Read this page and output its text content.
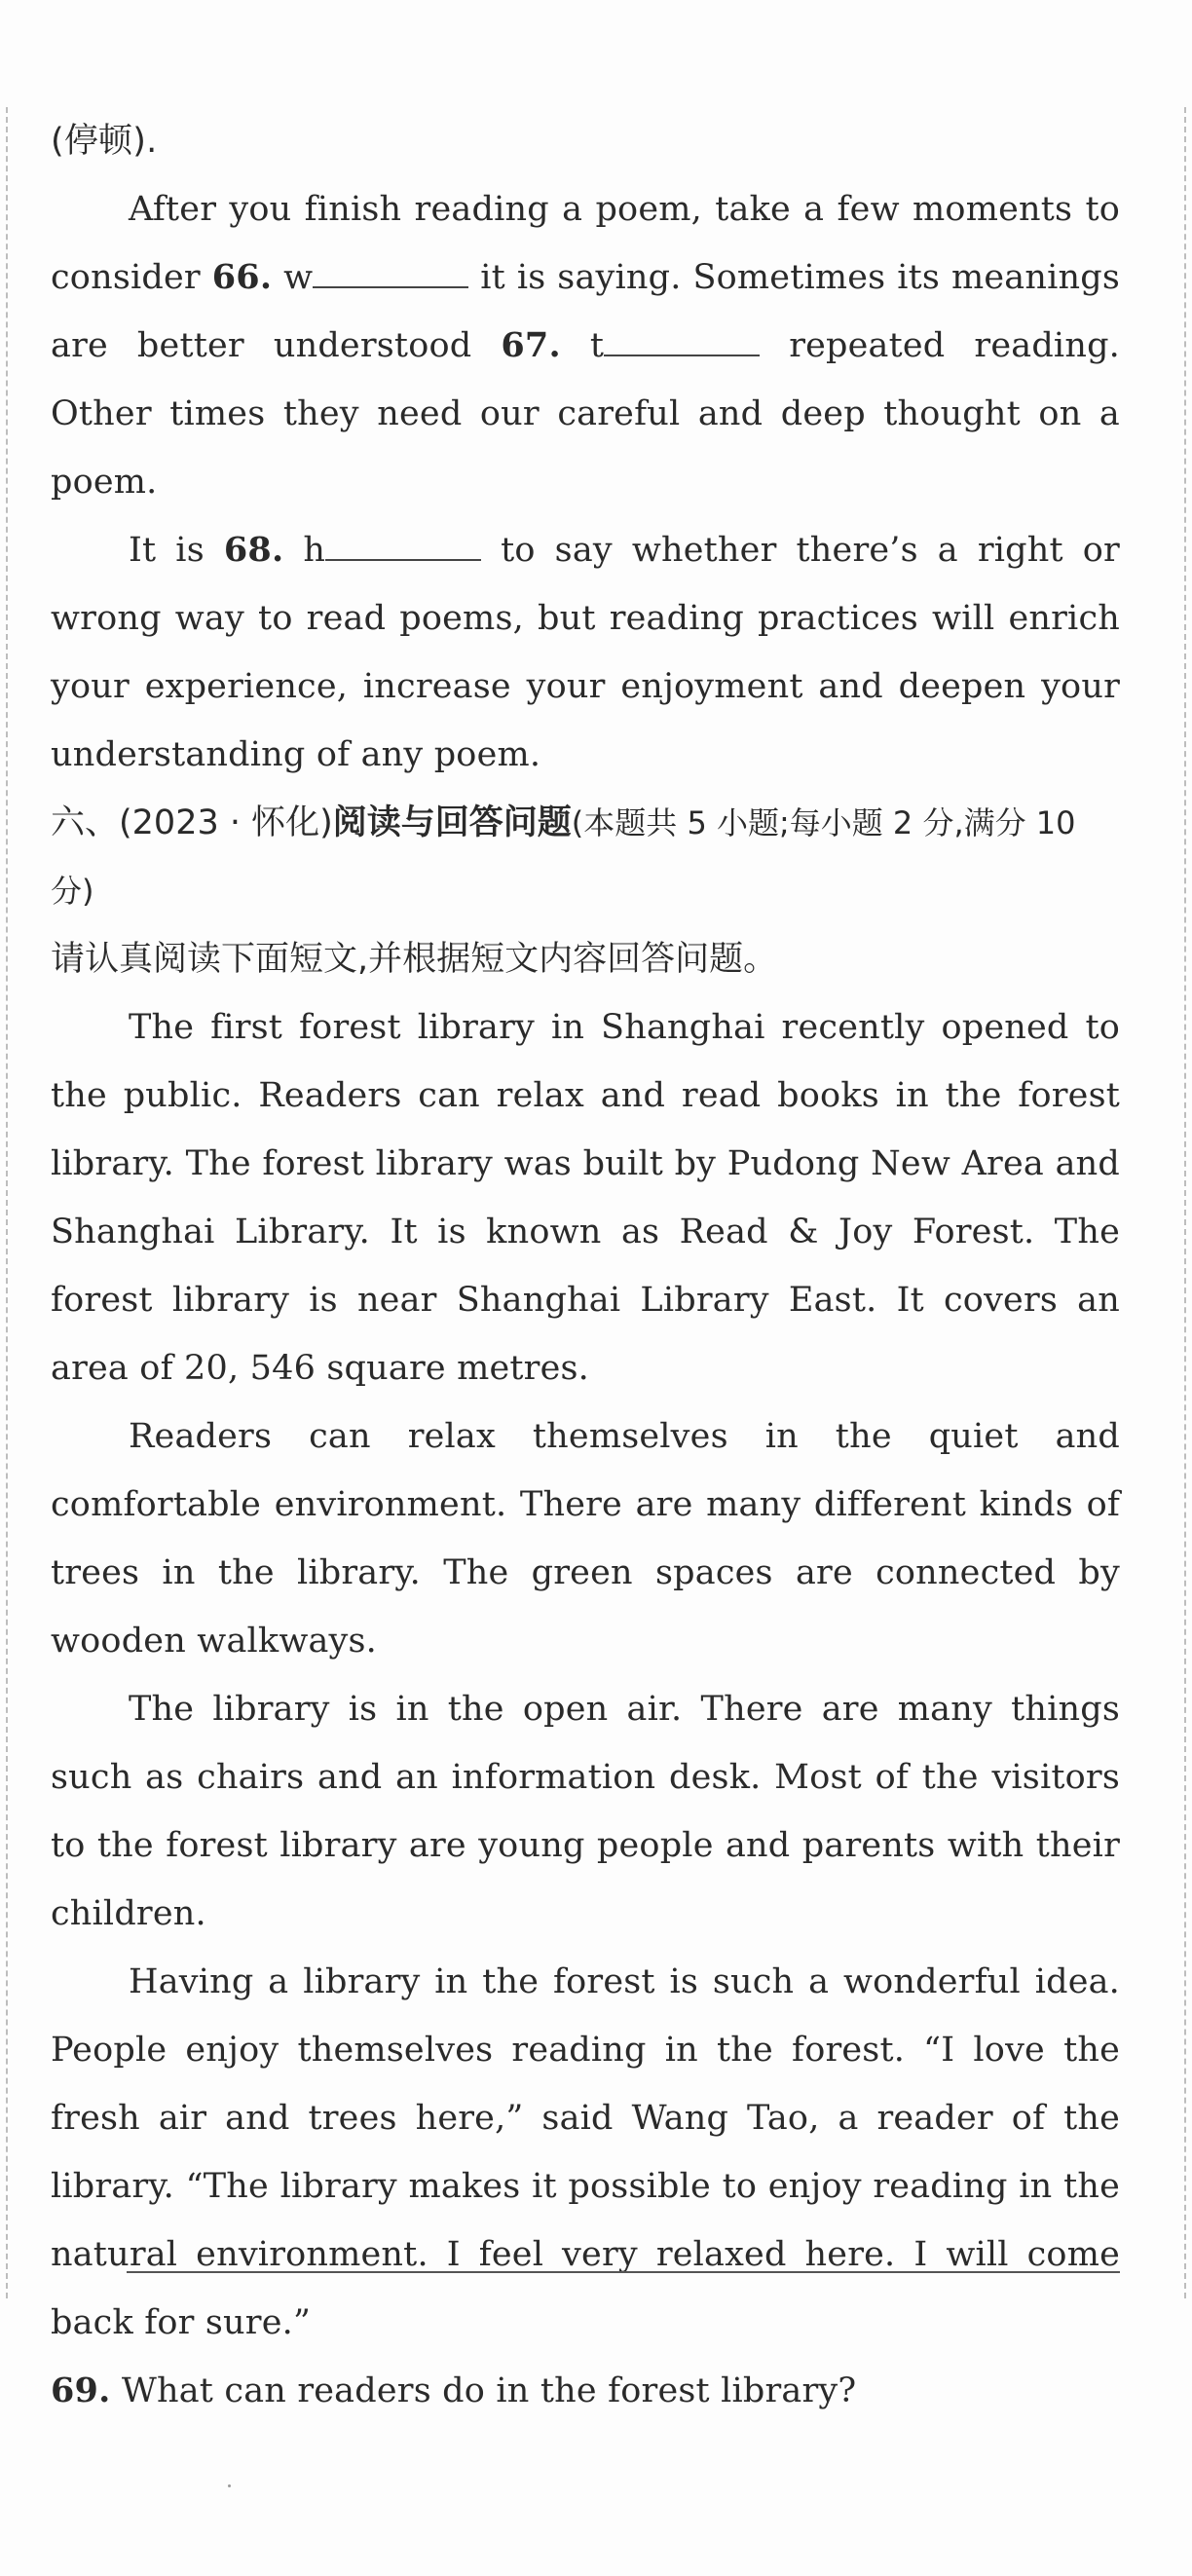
(停顿).

After you finish reading a poem, take a few moments to consider 66. w	it is saying. Sometimes its meanings are better understood 67. t	repeated reading. Other times they need our careful and deep thought on a poem.

It is 68. h	to say whether there’s a right or wrong way to read poems, but reading practices will enrich your experience, increase your enjoyment and deepen your understanding of any poem.

六、(2023 · 怀化)阅读与回答问题(本题共 5 小题;每小题 2 分,满分 10 分)

请认真阅读下面短文,并根据短文内容回答问题。

The first forest library in Shanghai recently opened to the public. Readers can relax and read books in the forest library. The forest library was built by Pudong New Area and Shanghai Library. It is known as Read & Joy Forest. The forest library is near Shanghai Library East. It covers an area of 20, 546 square metres.

Readers can relax themselves in the quiet and comfortable environment. There are many different kinds of trees in the library. The green spaces are connected by wooden walkways.

The library is in the open air. There are many things such as chairs and an information desk. Most of the visitors to the forest library are young people and parents with their children.

Having a library in the forest is such a wonderful idea. People enjoy themselves reading in the forest. “I love the fresh air and trees here,” said Wang Tao, a reader of the library. “The library makes it possible to enjoy reading in the natural environment. I feel very relaxed here. I will come back for sure.”

69. What can readers do in the forest library?
